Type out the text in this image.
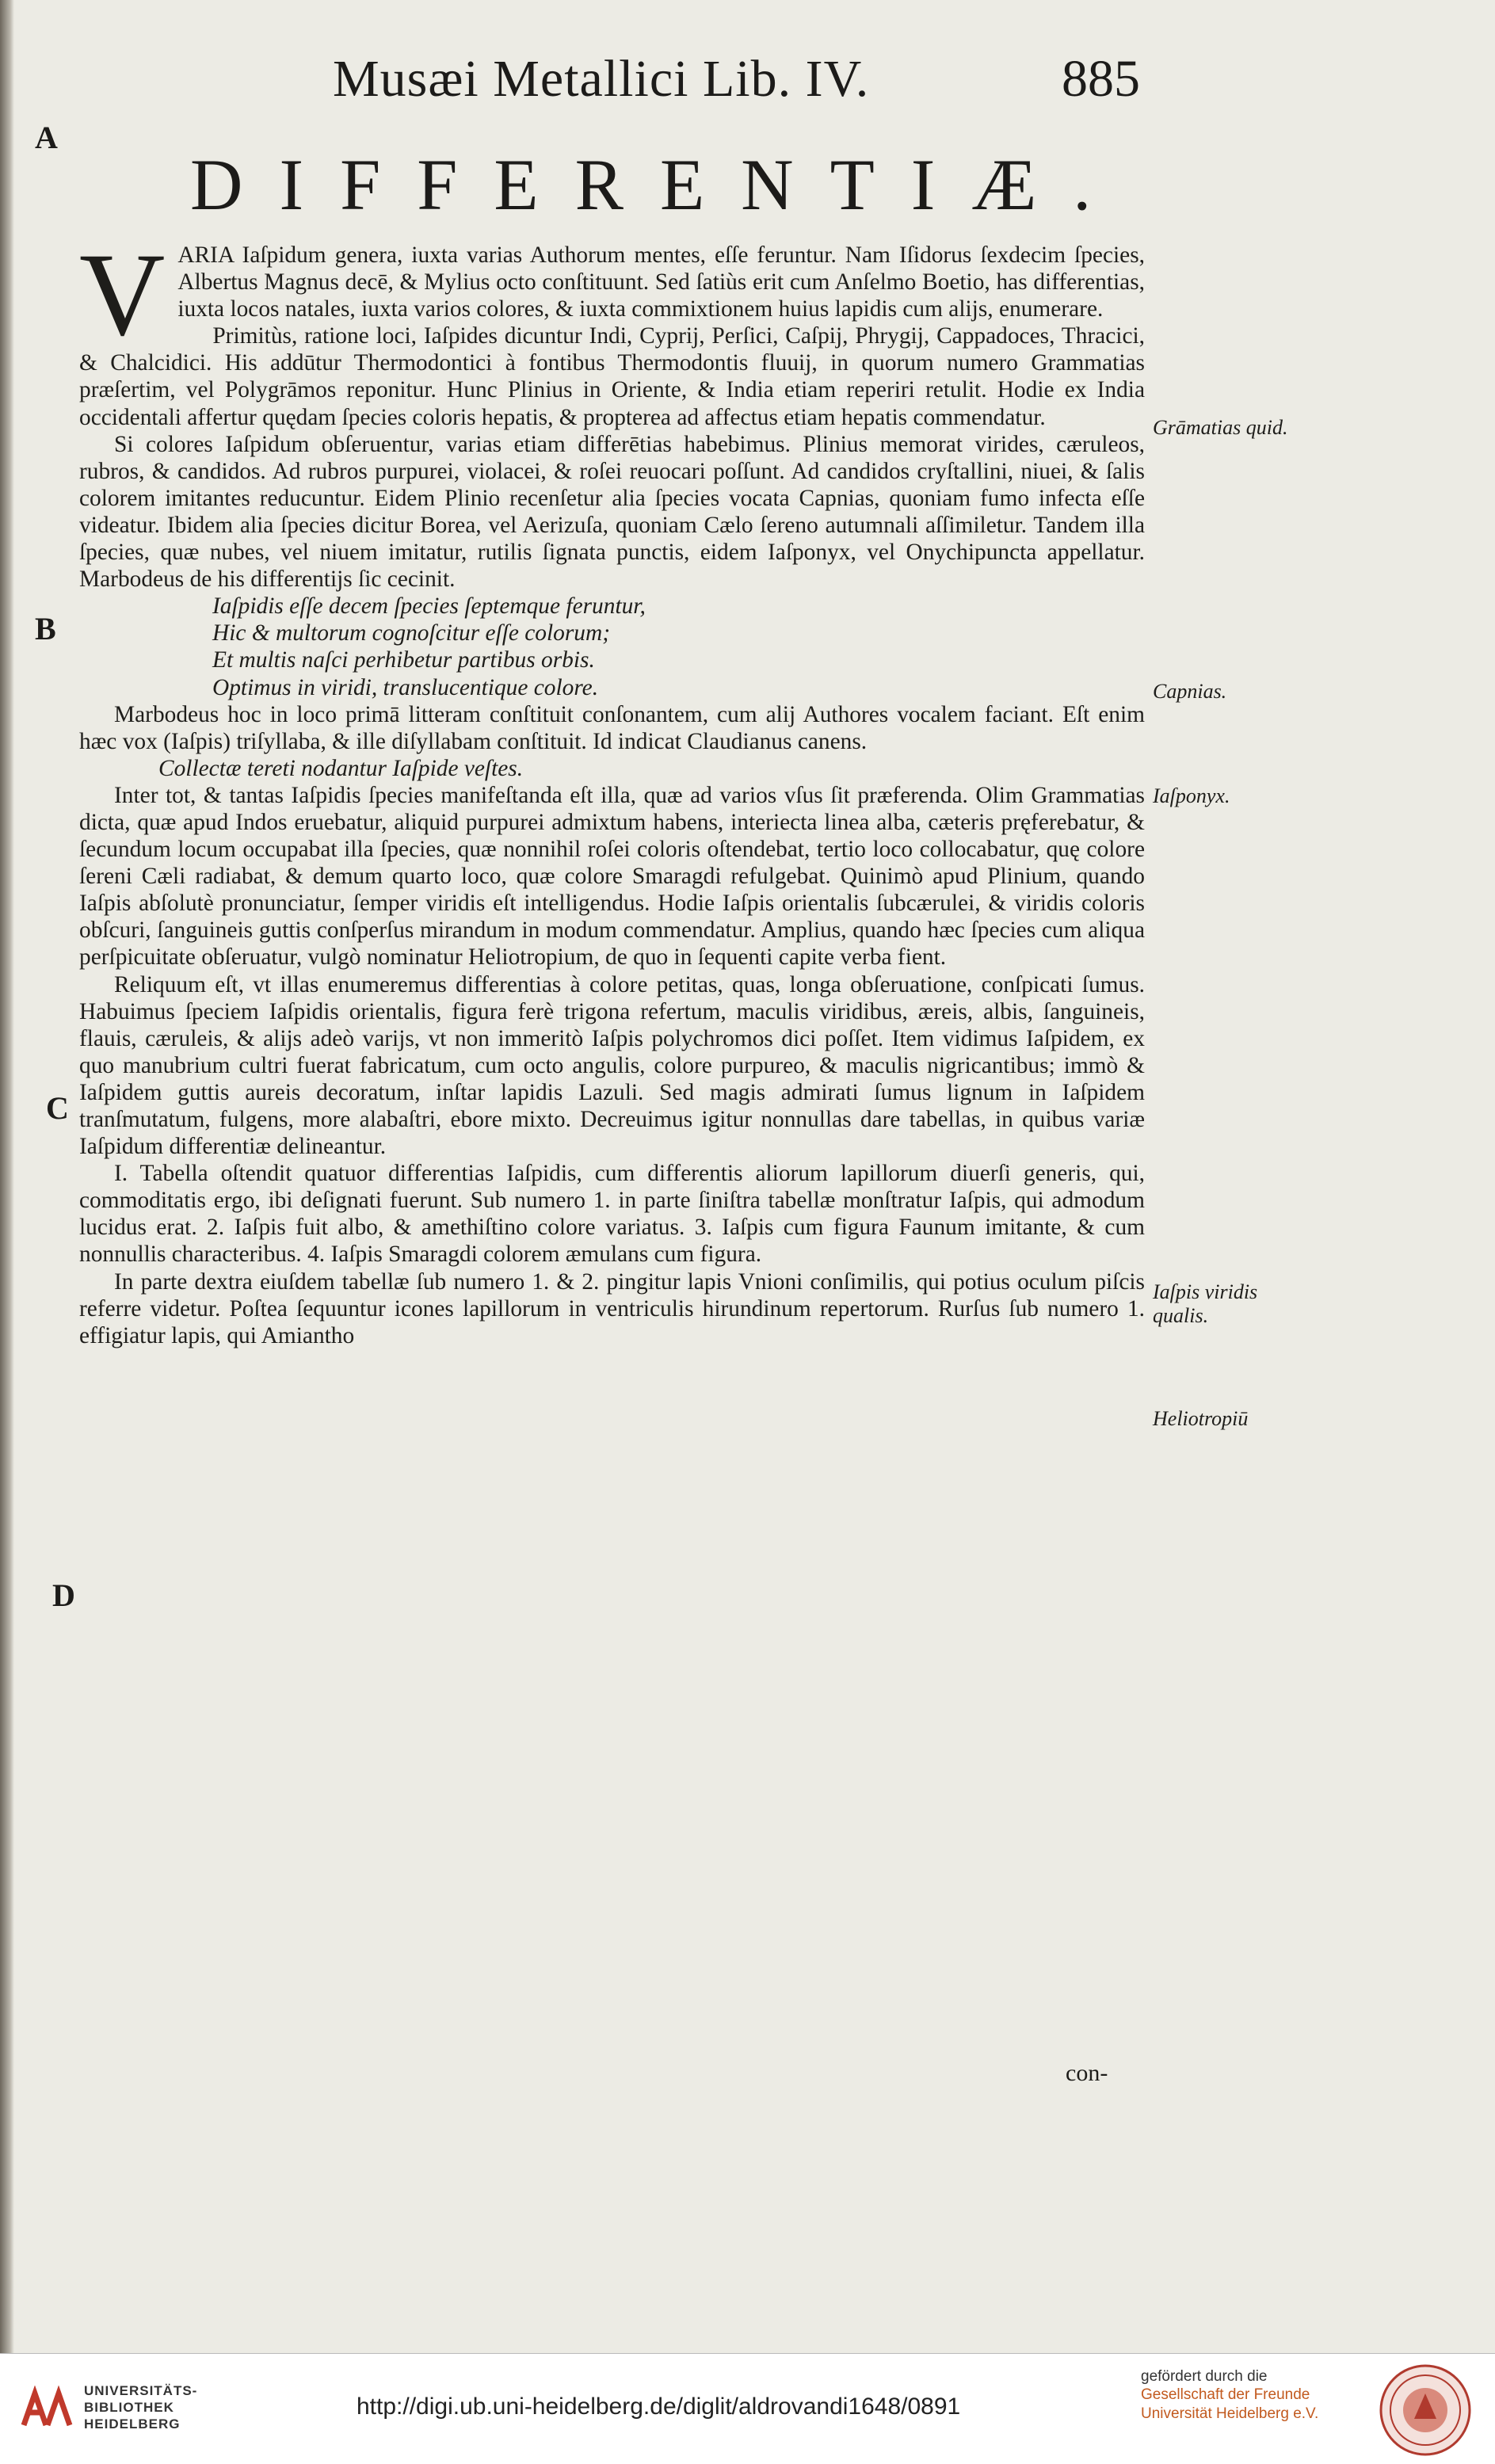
Musæi Metallici Lib. IV.	885
A
B
C
D
DIFFERENTIÆ.

VARIA Iaſpidum genera, iuxta varias Authorum mentes, eſſe feruntur. Nam Iſidorus ſexdecim ſpecies, Albertus Magnus decē, & Mylius octo conſtituunt. Sed ſatiùs erit cum Anſelmo Boetio, has differentias, iuxta locos natales, iuxta varios colores, & iuxta commixtionem huius lapidis cum alijs, enumerare.

Primitùs, ratione loci, Iaſpides dicuntur Indi, Cyprij, Perſici, Caſpij, Phrygij, Cappadoces, Thracici, & Chalcidici. His addūtur Thermodontici à fontibus Thermodontis fluuij, in quorum numero Grammatias præſertim, vel Polygrāmos reponitur. Hunc Plinius in Oriente, & India etiam reperiri retulit. Hodie ex India occidentali affertur quędam ſpecies coloris hepatis, & propterea ad affectus etiam hepatis commendatur.

Si colores Iaſpidum obſeruentur, varias etiam differētias habebimus. Plinius memorat virides, cæruleos, rubros, & candidos. Ad rubros purpurei, violacei, & roſei reuocari poſſunt. Ad candidos cryſtallini, niuei, & ſalis colorem imitantes reducuntur. Eidem Plinio recenſetur alia ſpecies vocata Capnias, quoniam fumo infecta eſſe videatur. Ibidem alia ſpecies dicitur Borea, vel Aerizuſa, quoniam Cælo ſereno autumnali aſſimiletur. Tandem illa ſpecies, quæ nubes, vel niuem imitatur, rutilis ſignata punctis, eidem Iaſponyx, vel Onychipuncta appellatur. Marbodeus de his differentijs ſic cecinit.

Iaſpidis eſſe decem ſpecies ſeptemque feruntur,
Hic & multorum cognoſcitur eſſe colorum;
Et multis naſci perhibetur partibus orbis.
Optimus in viridi, translucentique colore.

Marbodeus hoc in loco primā litteram conſtituit conſonantem, cum alij Authores vocalem faciant. Eſt enim hæc vox (Iaſpis) triſyllaba, & ille diſyllabam conſtituit. Id indicat Claudianus canens.

Collectæ tereti nodantur Iaſpide veſtes.

Inter tot, & tantas Iaſpidis ſpecies manifeſtanda eſt illa, quæ ad varios vſus ſit præferenda. Olim Grammatias dicta, quæ apud Indos eruebatur, aliquid purpurei admixtum habens, interiecta linea alba, cæteris pręferebatur, & ſecundum locum occupabat illa ſpecies, quæ nonnihil roſei coloris oſtendebat, tertio loco collocabatur, quę colore ſereni Cæli radiabat, & demum quarto loco, quæ colore Smaragdi refulgebat. Quinimò apud Plinium, quando Iaſpis abſolutè pronunciatur, ſemper viridis eſt intelligendus. Hodie Iaſpis orientalis ſubcærulei, & viridis coloris obſcuri, ſanguineis guttis conſperſus mirandum in modum commendatur. Amplius, quando hæc ſpecies cum aliqua perſpicuitate obſeruatur, vulgò nominatur Heliotropium, de quo in ſequenti capite verba fient.

Reliquum eſt, vt illas enumeremus differentias à colore petitas, quas, longa obſeruatione, conſpicati ſumus. Habuimus ſpeciem Iaſpidis orientalis, figura ferè trigona refertum, maculis viridibus, æreis, albis, ſanguineis, flauis, cæruleis, & alijs adeò varijs, vt non immeritò Iaſpis polychromos dici poſſet. Item vidimus Iaſpidem, ex quo manubrium cultri fuerat fabricatum, cum octo angulis, colore purpureo, & maculis nigricantibus; immò & Iaſpidem guttis aureis decoratum, inſtar lapidis Lazuli. Sed magis admirati ſumus lignum in Iaſpidem tranſmutatum, fulgens, more alabaſtri, ebore mixto. Decreuimus igitur nonnullas dare tabellas, in quibus variæ Iaſpidum differentiæ delineantur.

I. Tabella oſtendit quatuor differentias Iaſpidis, cum differentis aliorum lapillorum diuerſi generis, qui, commoditatis ergo, ibi deſignati fuerunt. Sub numero 1. in parte ſiniſtra tabellæ monſtratur Iaſpis, qui admodum lucidus erat. 2. Iaſpis fuit albo, & amethiſtino colore variatus. 3. Iaſpis cum figura Faunum imitante, & cum nonnullis characteribus. 4. Iaſpis Smaragdi colorem æmulans cum figura.

In parte dextra eiuſdem tabellæ ſub numero 1. & 2. pingitur lapis Vnioni conſimilis, qui potius oculum piſcis referre videtur. Poſtea ſequuntur icones lapillorum in ventriculis hirundinum repertorum. Rurſus ſub numero 1. effigiatur lapis, qui Amiantho

con-
Grāmatias quid.
Capnias.
Iaſponyx.
Iaſpis viridis qualis.
Heliotropiū
UNIVERSITÄTS-
BIBLIOTHEK
HEIDELBERG
http://digi.ub.uni-heidelberg.de/diglit/aldrovandi1648/0891
gefördert durch die
Gesellschaft der Freunde
Universität Heidelberg e.V.
